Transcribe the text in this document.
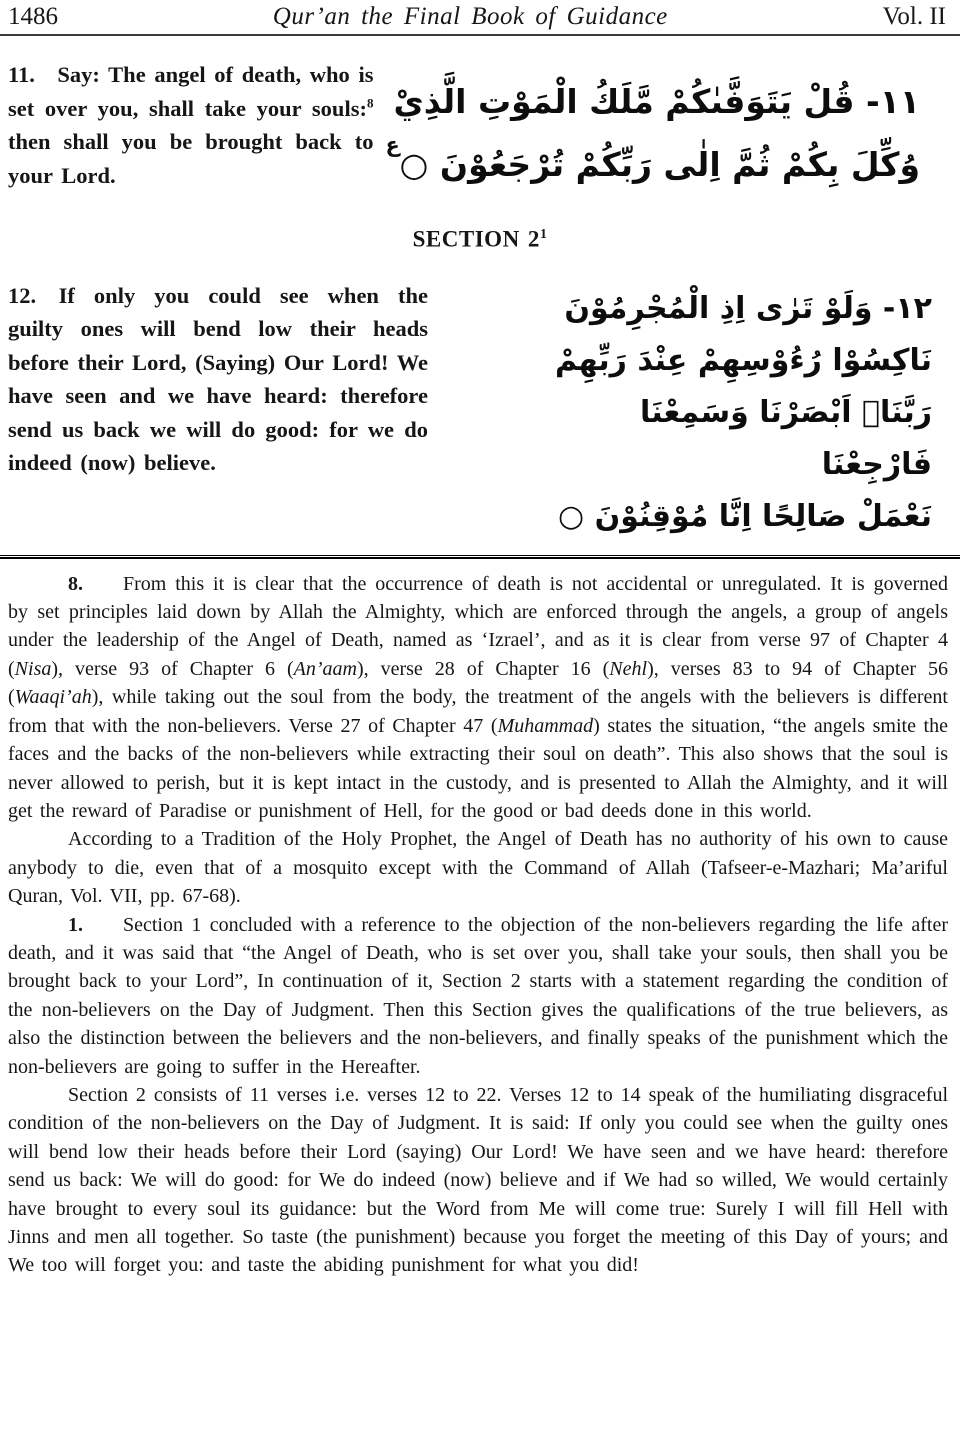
1486	Qur’an the Final Book of Guidance	Vol. II
11.  Say: The angel of death, who is set over you, shall take your souls:$^8$ then shall you be brought back to your Lord.
ع
١١- قُلْ يَتَوَفَّىٰكُمْ مَّلَكُ الْمَوْتِ الَّذِيْ
وُكِّلَ بِكُمْ ثُمَّ اِلٰى رَبِّكُمْ تُرْجَعُوْنَ ○
SECTION $2^1$
12.  If only you could see when the guilty ones will bend low their heads before their Lord, (Saying) Our Lord! We have seen and we have heard: therefore send us back we will do good: for we do indeed (now) believe.
١٢- وَلَوْ تَرٰى اِذِ الْمُجْرِمُوْنَ
نَاكِسُوْا رُءُوْسِهِمْ عِنْدَ رَبِّهِمْ
رَبَّنَاۤ اَبْصَرْنَا وَسَمِعْنَا
فَارْجِعْنَا
نَعْمَلْ صَالِحًا اِنَّا مُوْقِنُوْنَ ○

8.  From this it is clear that the occurrence of death is not accidental or unregulated. It is governed by set principles laid down by Allah the Almighty, which are enforced through the angels, a group of angels under the leadership of the Angel of Death, named as ‘Izrael’, and as it is clear from verse 97 of Chapter 4 (Nisa), verse 93 of Chapter 6 (An’aam), verse 28 of Chapter 16 (Nehl), verses 83 to 94 of Chapter 56 (Waaqi’ah), while taking out the soul from the body, the treatment of the angels with the believers is different from that with the non-believers. Verse 27 of Chapter 47 (Muhammad) states the situation, “the angels smite the faces and the backs of the non-believers while extracting their soul on death”. This also shows that the soul is never allowed to perish, but it is kept intact in the custody, and is presented to Allah the Almighty, and it will get the reward of Paradise or punishment of Hell, for the good or bad deeds done in this world.

According to a Tradition of the Holy Prophet, the Angel of Death has no authority of his own to cause anybody to die, even that of a mosquito except with the Command of Allah (Tafseer-e-Mazhari; Ma’ariful Quran, Vol. VII, pp. 67-68).

1.  Section 1 concluded with a reference to the objection of the non-believers regarding the life after death, and it was said that “the Angel of Death, who is set over you, shall take your souls, then shall you be brought back to your Lord”, In continuation of it, Section 2 starts with a statement regarding the condition of the non-believers on the Day of Judgment. Then this Section gives the qualifications of the true believers, as also the distinction between the believers and the non-believers, and finally speaks of the punishment which the non-believers are going to suffer in the Hereafter.

Section 2 consists of 11 verses i.e. verses 12 to 22. Verses 12 to 14 speak of the humiliating disgraceful condition of the non-believers on the Day of Judgment. It is said: If only you could see when the guilty ones will bend low their heads before their Lord (saying) Our Lord! We have seen and we have heard: therefore send us back: We will do good: for We do indeed (now) believe and if We had so willed, We would certainly have brought to every soul its guidance: but the Word from Me will come true: Surely I will fill Hell with Jinns and men all together. So taste (the punishment) because you forget the meeting of this Day of yours; and We too will forget you: and taste the abiding punishment for what you did!
